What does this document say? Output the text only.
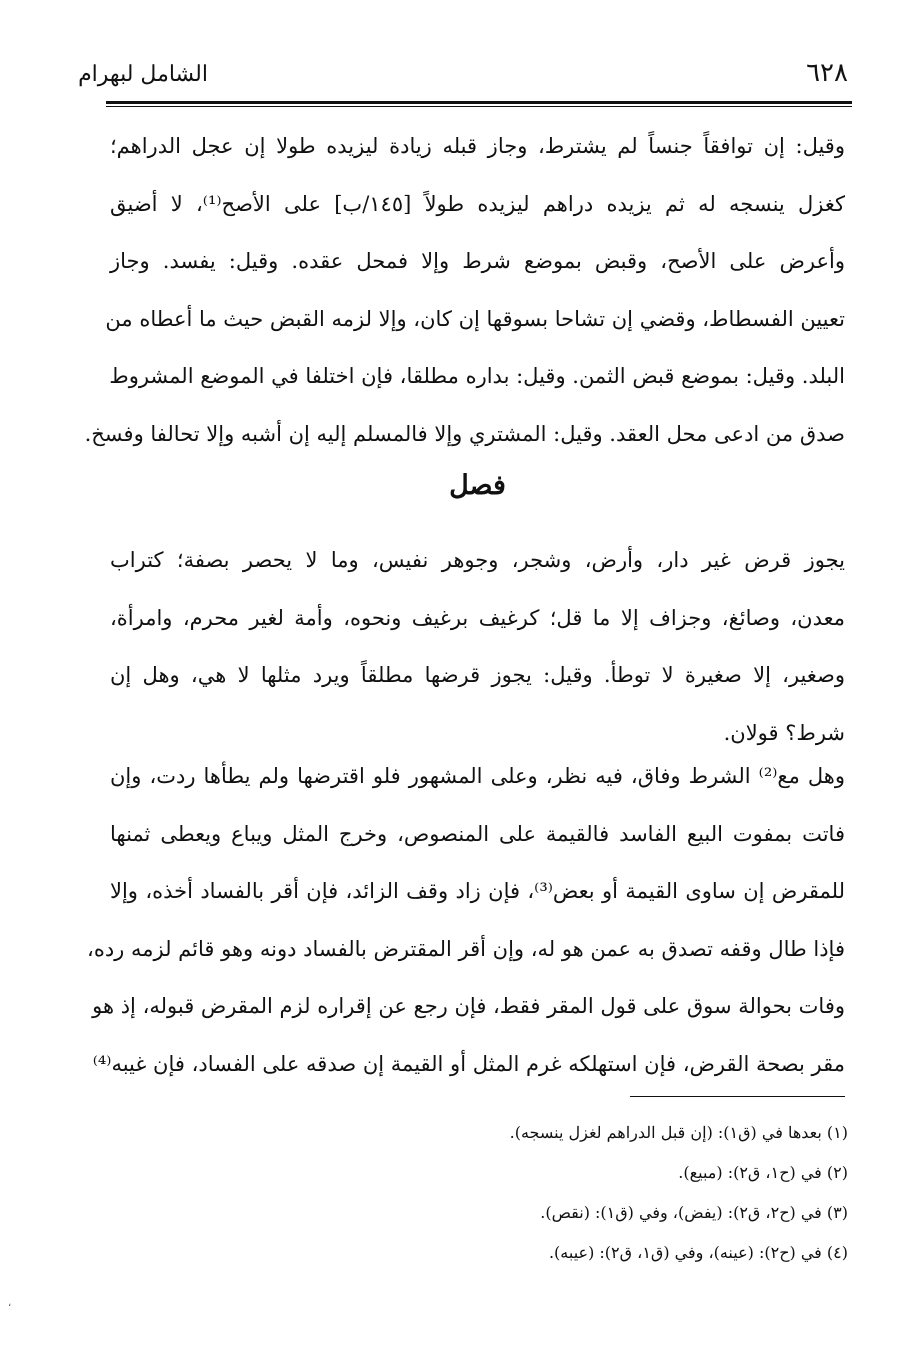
٦٢٨
الشامل لبهرام
وقيل: إن توافقاً جنساً لم يشترط، وجاز قبله زيادة ليزيده طولا إن عجل الدراهم؛
كغزل ينسجه له ثم يزيده دراهم ليزيده طولاً [١٤٥/ب] على الأصح⁽¹⁾، لا أضيق
وأعرض على الأصح، وقبض بموضع شرط وإلا فمحل عقده. وقيل: يفسد. وجاز
تعيين الفسطاط، وقضي إن تشاحا بسوقها إن كان، وإلا لزمه القبض حيث ما أعطاه من
البلد. وقيل: بموضع قبض الثمن. وقيل: بداره مطلقا، فإن اختلفا في الموضع المشروط
صدق من ادعى محل العقد. وقيل: المشتري وإلا فالمسلم إليه إن أشبه وإلا تحالفا وفسخ.
فصل
يجوز قرض غير دار، وأرض، وشجر، وجوهر نفيس، وما لا يحصر بصفة؛ كتراب
معدن، وصائغ، وجزاف إلا ما قل؛ كرغيف برغيف ونحوه، وأمة لغير محرم، وامرأة،
وصغير، إلا صغيرة لا توطأ. وقيل: يجوز قرضها مطلقاً ويرد مثلها لا هي، وهل إن
شرط؟ قولان.
وهل مع⁽²⁾ الشرط وفاق، فيه نظر، وعلى المشهور فلو اقترضها ولم يطأها ردت، وإن
فاتت بمفوت البيع الفاسد فالقيمة على المنصوص، وخرج المثل ويباع ويعطى ثمنها
للمقرض إن ساوى القيمة أو بعض⁽³⁾، فإن زاد وقف الزائد، فإن أقر بالفساد أخذه، وإلا
فإذا طال وقفه تصدق به عمن هو له، وإن أقر المقترض بالفساد دونه وهو قائم لزمه رده،
وفات بحوالة سوق على قول المقر فقط، فإن رجع عن إقراره لزم المقرض قبوله، إذ هو
مقر بصحة القرض، فإن استهلكه غرم المثل أو القيمة إن صدقه على الفساد، فإن غيبه⁽⁴⁾
(١) بعدها في (ق١): (إن قبل الدراهم لغزل ينسجه).
(٢) في (ح١، ق٢): (مبيع).
(٣) في (ح٢، ق٢): (يفض)، وفي (ق١): (نقص).
(٤) في (ح٢): (عينه)، وفي (ق١، ق٢): (عيبه).
،
